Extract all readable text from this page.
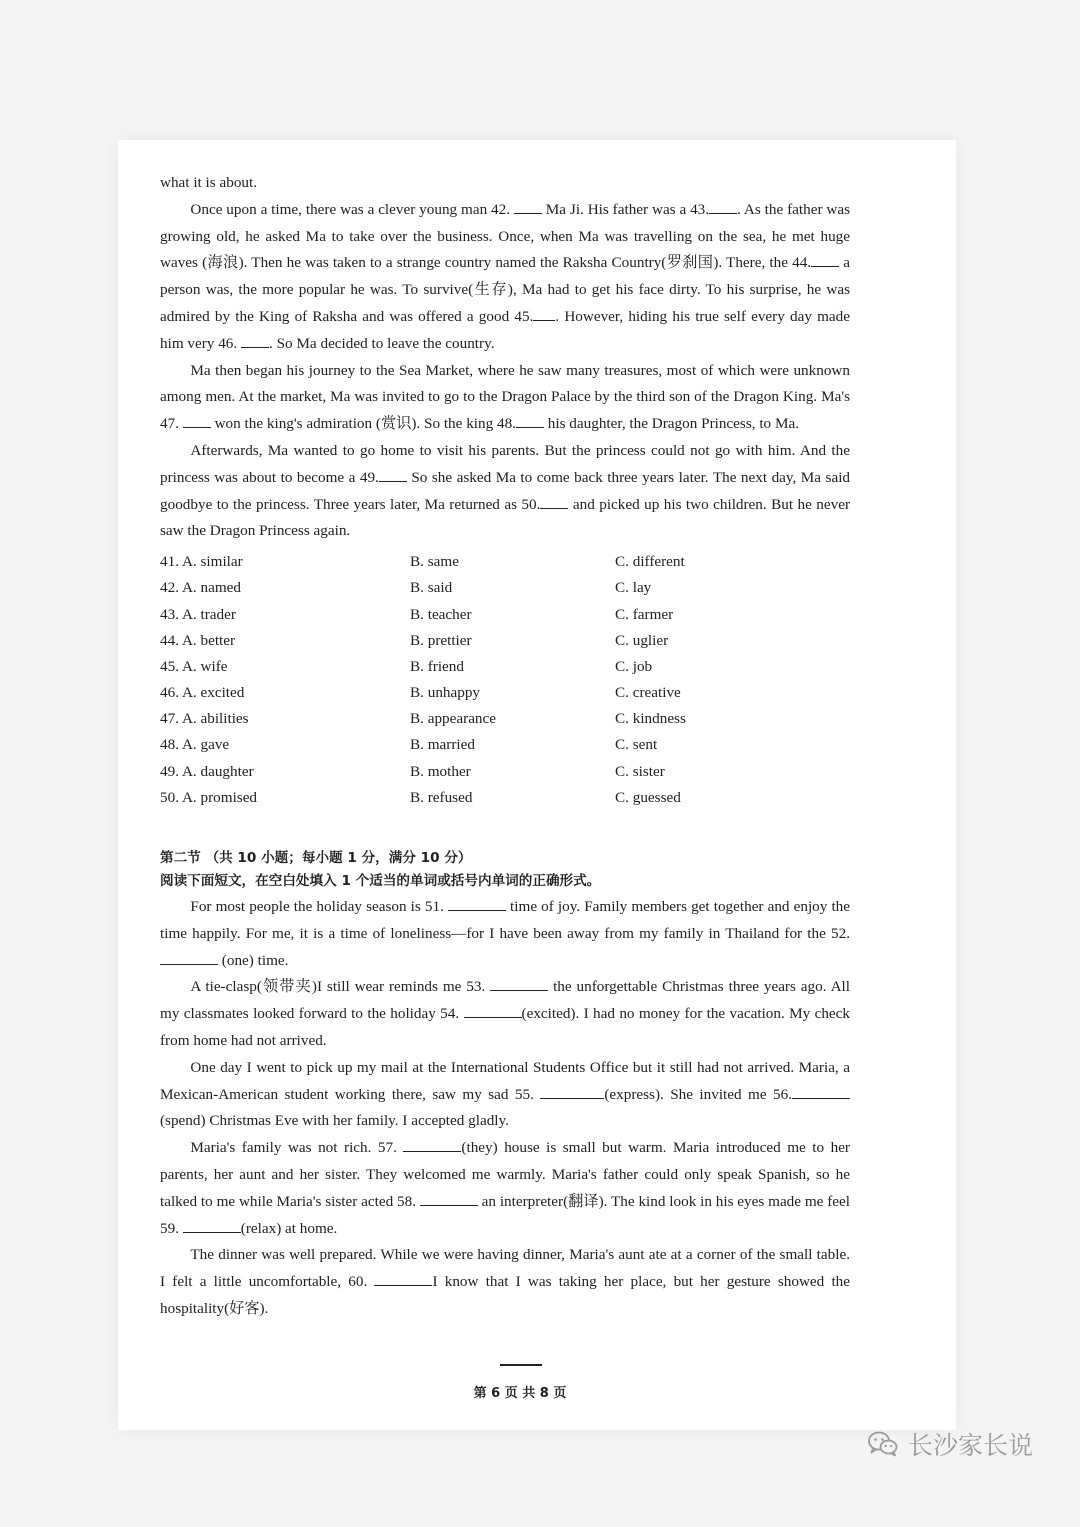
what it is about.

Once upon a time, there was a clever young man 42.  Ma Ji. His father was a 43. . As the father was growing old, he asked Ma to take over the business. Once, when Ma was travelling on the sea, he met huge waves (海浪). Then he was taken to a strange country named the Raksha Country(罗刹国). There, the 44. a person was, the more popular he was. To survive(生存), Ma had to get his face dirty. To his surprise, he was admired by the King of Raksha and was offered a good 45. . However, hiding his true self every day made him very 46. . So Ma decided to leave the country.

Ma then began his journey to the Sea Market, where he saw many treasures, most of which were unknown among men. At the market, Ma was invited to go to the Dragon Palace by the third son of the Dragon King. Ma's 47.  won the king's admiration (赏识). So the king 48. his daughter, the Dragon Princess, to Ma.

Afterwards, Ma wanted to go home to visit his parents. But the princess could not go with him. And the princess was about to become a 49. So she asked Ma to come back three years later. The next day, Ma said goodbye to the princess. Three years later, Ma returned as 50. and picked up his two children. But he never saw the Dragon Princess again.

41. A. similar	B. same	C. different
42. A. named	B. said	C. lay
43. A. trader	B. teacher	C. farmer
44. A. better	B. prettier	C. uglier
45. A. wife	B. friend	C. job
46. A. excited	B. unhappy	C. creative
47. A. abilities	B. appearance	C. kindness
48. A. gave	B. married	C. sent
49. A. daughter	B. mother	C. sister
50. A. promised	B. refused	C. guessed
第二节 （共 10 小题；每小题 1 分，满分 10 分）
阅读下面短文，在空白处填入 1 个适当的单词或括号内单词的正确形式。

For most people the holiday season is 51.	time of joy. Family members get together and enjoy the time happily. For me, it is a time of loneliness—for I have been away from my family in Thailand for the 52.  (one) time.

A tie-clasp(领带夹)I still wear reminds me 53.	the unforgettable Christmas three years ago. All my classmates looked forward to the holiday 54.	(excited). I had no money for the vacation. My check from home had not arrived.

One day I went to pick up my mail at the International Students Office but it still had not arrived. Maria, a Mexican-American student working there, saw my sad 55.	(express). She invited me 56.(spend) Christmas Eve with her family. I accepted gladly.

Maria's family was not rich. 57.	(they) house is small but warm. Maria introduced me to her parents, her aunt and her sister. They welcomed me warmly. Maria's father could only speak Spanish, so he talked to me while Maria's sister acted 58.	an interpreter(翻译). The kind look in his eyes made me feel 59.	(relax) at home.

The dinner was well prepared. While we were having dinner, Maria's aunt ate at a corner of the small table. I felt a little uncomfortable, 60.	I know that I was taking her place, but her gesture showed the hospitality(好客).

第 6 页 共 8 页
长沙家长说
